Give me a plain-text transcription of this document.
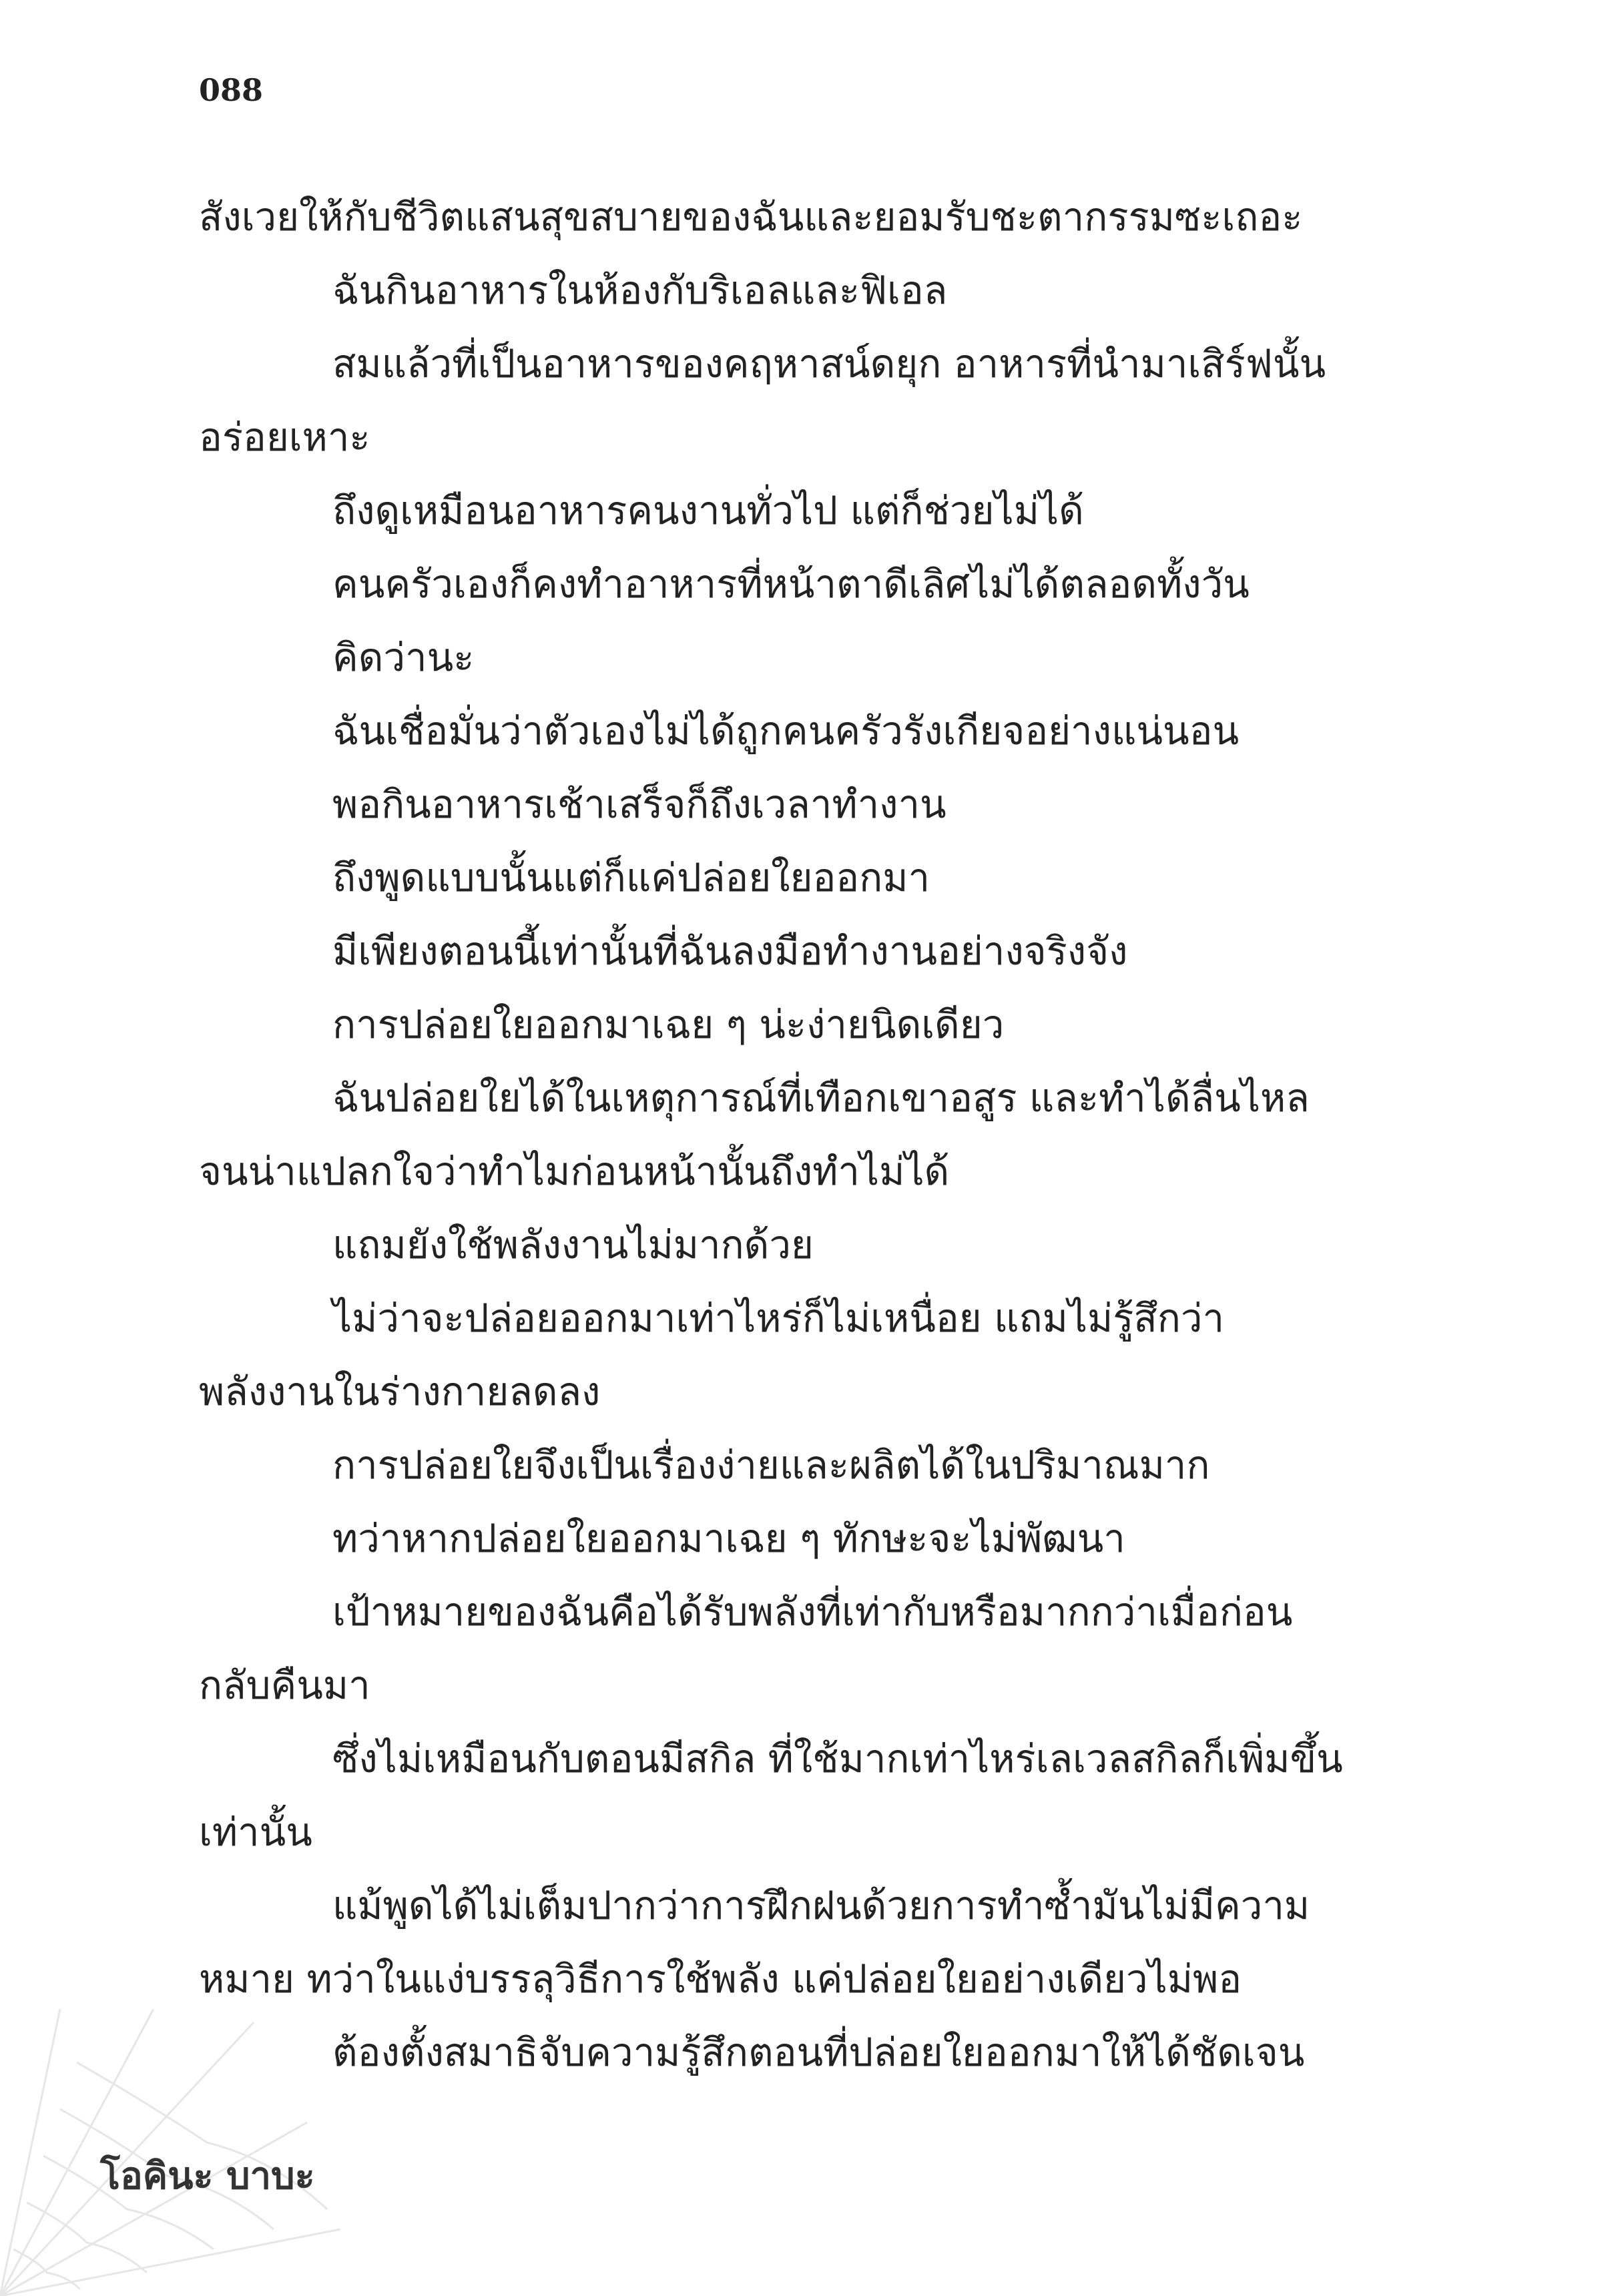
088
สังเวยให้กับชีวิตแสนสุขสบายของฉันและยอมรับชะตากรรมซะเถอะ
ฉันกินอาหารในห้องกับริเอลและฟิเอล
สมแล้วที่เป็นอาหารของคฤหาสน์ดยุก อาหารที่นำมาเสิร์ฟนั้น
อร่อยเหาะ
ถึงดูเหมือนอาหารคนงานทั่วไป แต่ก็ช่วยไม่ได้
คนครัวเองก็คงทำอาหารที่หน้าตาดีเลิศไม่ได้ตลอดทั้งวัน
คิดว่านะ
ฉันเชื่อมั่นว่าตัวเองไม่ได้ถูกคนครัวรังเกียจอย่างแน่นอน
พอกินอาหารเช้าเสร็จก็ถึงเวลาทำงาน
ถึงพูดแบบนั้นแต่ก็แค่ปล่อยใยออกมา
มีเพียงตอนนี้เท่านั้นที่ฉันลงมือทำงานอย่างจริงจัง
การปล่อยใยออกมาเฉย ๆ น่ะง่ายนิดเดียว
ฉันปล่อยใยได้ในเหตุการณ์ที่เทือกเขาอสูร และทำได้ลื่นไหล
จนน่าแปลกใจว่าทำไมก่อนหน้านั้นถึงทำไม่ได้
แถมยังใช้พลังงานไม่มากด้วย
ไม่ว่าจะปล่อยออกมาเท่าไหร่ก็ไม่เหนื่อย แถมไม่รู้สึกว่า
พลังงานในร่างกายลดลง
การปล่อยใยจึงเป็นเรื่องง่ายและผลิตได้ในปริมาณมาก
ทว่าหากปล่อยใยออกมาเฉย ๆ ทักษะจะไม่พัฒนา
เป้าหมายของฉันคือได้รับพลังที่เท่ากับหรือมากกว่าเมื่อก่อน
กลับคืนมา
ซึ่งไม่เหมือนกับตอนมีสกิล ที่ใช้มากเท่าไหร่เลเวลสกิลก็เพิ่มขึ้น
เท่านั้น
แม้พูดได้ไม่เต็มปากว่าการฝึกฝนด้วยการทำซ้ำมันไม่มีความ
หมาย ทว่าในแง่บรรลุวิธีการใช้พลัง แค่ปล่อยใยอย่างเดียวไม่พอ
ต้องตั้งสมาธิจับความรู้สึกตอนที่ปล่อยใยออกมาให้ได้ชัดเจน
โอคินะ บาบะ
